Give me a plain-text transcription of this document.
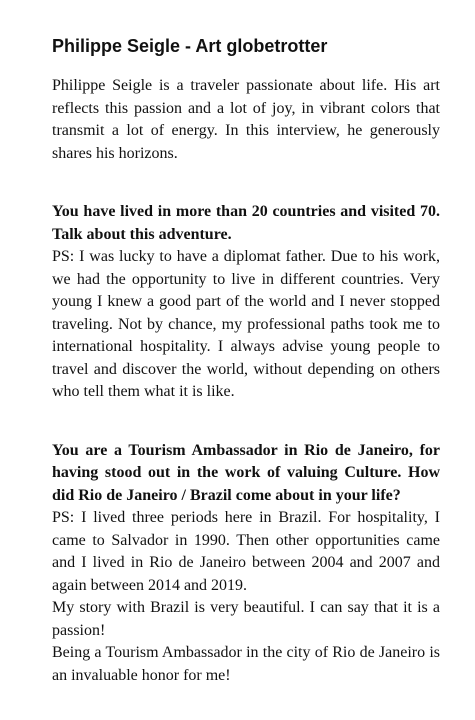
Philippe Seigle - Art globetrotter

Philippe Seigle is a traveler passionate about life. His art reflects this passion and a lot of joy, in vibrant colors that transmit a lot of energy. In this interview, he generously shares his horizons.

You have lived in more than 20 countries and visited 70. Talk about this adventure.

PS: I was lucky to have a diplomat father. Due to his work, we had the opportunity to live in different countries. Very young I knew a good part of the world and I never stopped traveling. Not by chance, my professional paths took me to international hospitality. I always advise young people to travel and discover the world, without depending on others who tell them what it is like.

You are a Tourism Ambassador in Rio de Janeiro, for having stood out in the work of valuing Culture. How did Rio de Janeiro / Brazil come about in your life?

PS: I lived three periods here in Brazil. For hospitality, I came to Salvador in 1990. Then other opportunities came and I lived in Rio de Janeiro between 2004 and 2007 and again between 2014 and 2019.

My story with Brazil is very beautiful. I can say that it is a passion!

Being a Tourism Ambassador in the city of Rio de Janeiro is an invaluable honor for me!
